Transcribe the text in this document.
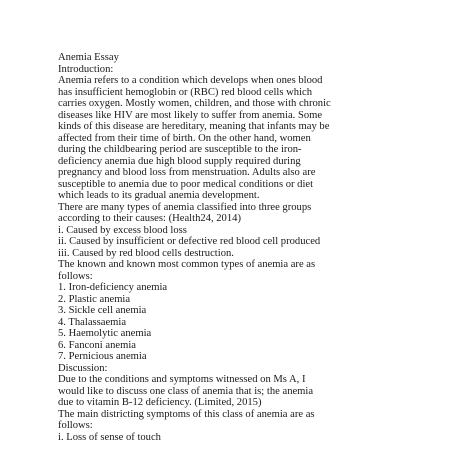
Anemia Essay
Introduction:
Anemia refers to a condition which develops when ones blood
has insufficient hemoglobin or (RBC) red blood cells which
carries oxygen. Mostly women, children, and those with chronic
diseases like HIV are most likely to suffer from anemia. Some
kinds of this disease are hereditary, meaning that infants may be
affected from their time of birth. On the other hand, women
during the childbearing period are susceptible to the iron-
deficiency anemia due high blood supply required during
pregnancy and blood loss from menstruation. Adults also are
susceptible to anemia due to poor medical conditions or diet
which leads to its gradual anemia development.
There are many types of anemia classified into three groups
according to their causes: (Health24, 2014)
i. Caused by excess blood loss
ii. Caused by insufficient or defective red blood cell produced
iii. Caused by red blood cells destruction.
The known and known most common types of anemia are as
follows:
1. Iron-deficiency anemia
2. Plastic anemia
3. Sickle cell anemia
4. Thalassaemia
5. Haemolytic anemia
6. Fanconi anemia
7. Pernicious anemia
Discussion:
Due to the conditions and symptoms witnessed on Ms A, I
would like to discuss one class of anemia that is; the anemia
due to vitamin B-12 deficiency. (Limited, 2015)
The main districting symptoms of this class of anemia are as
follows:
i. Loss of sense of touch
